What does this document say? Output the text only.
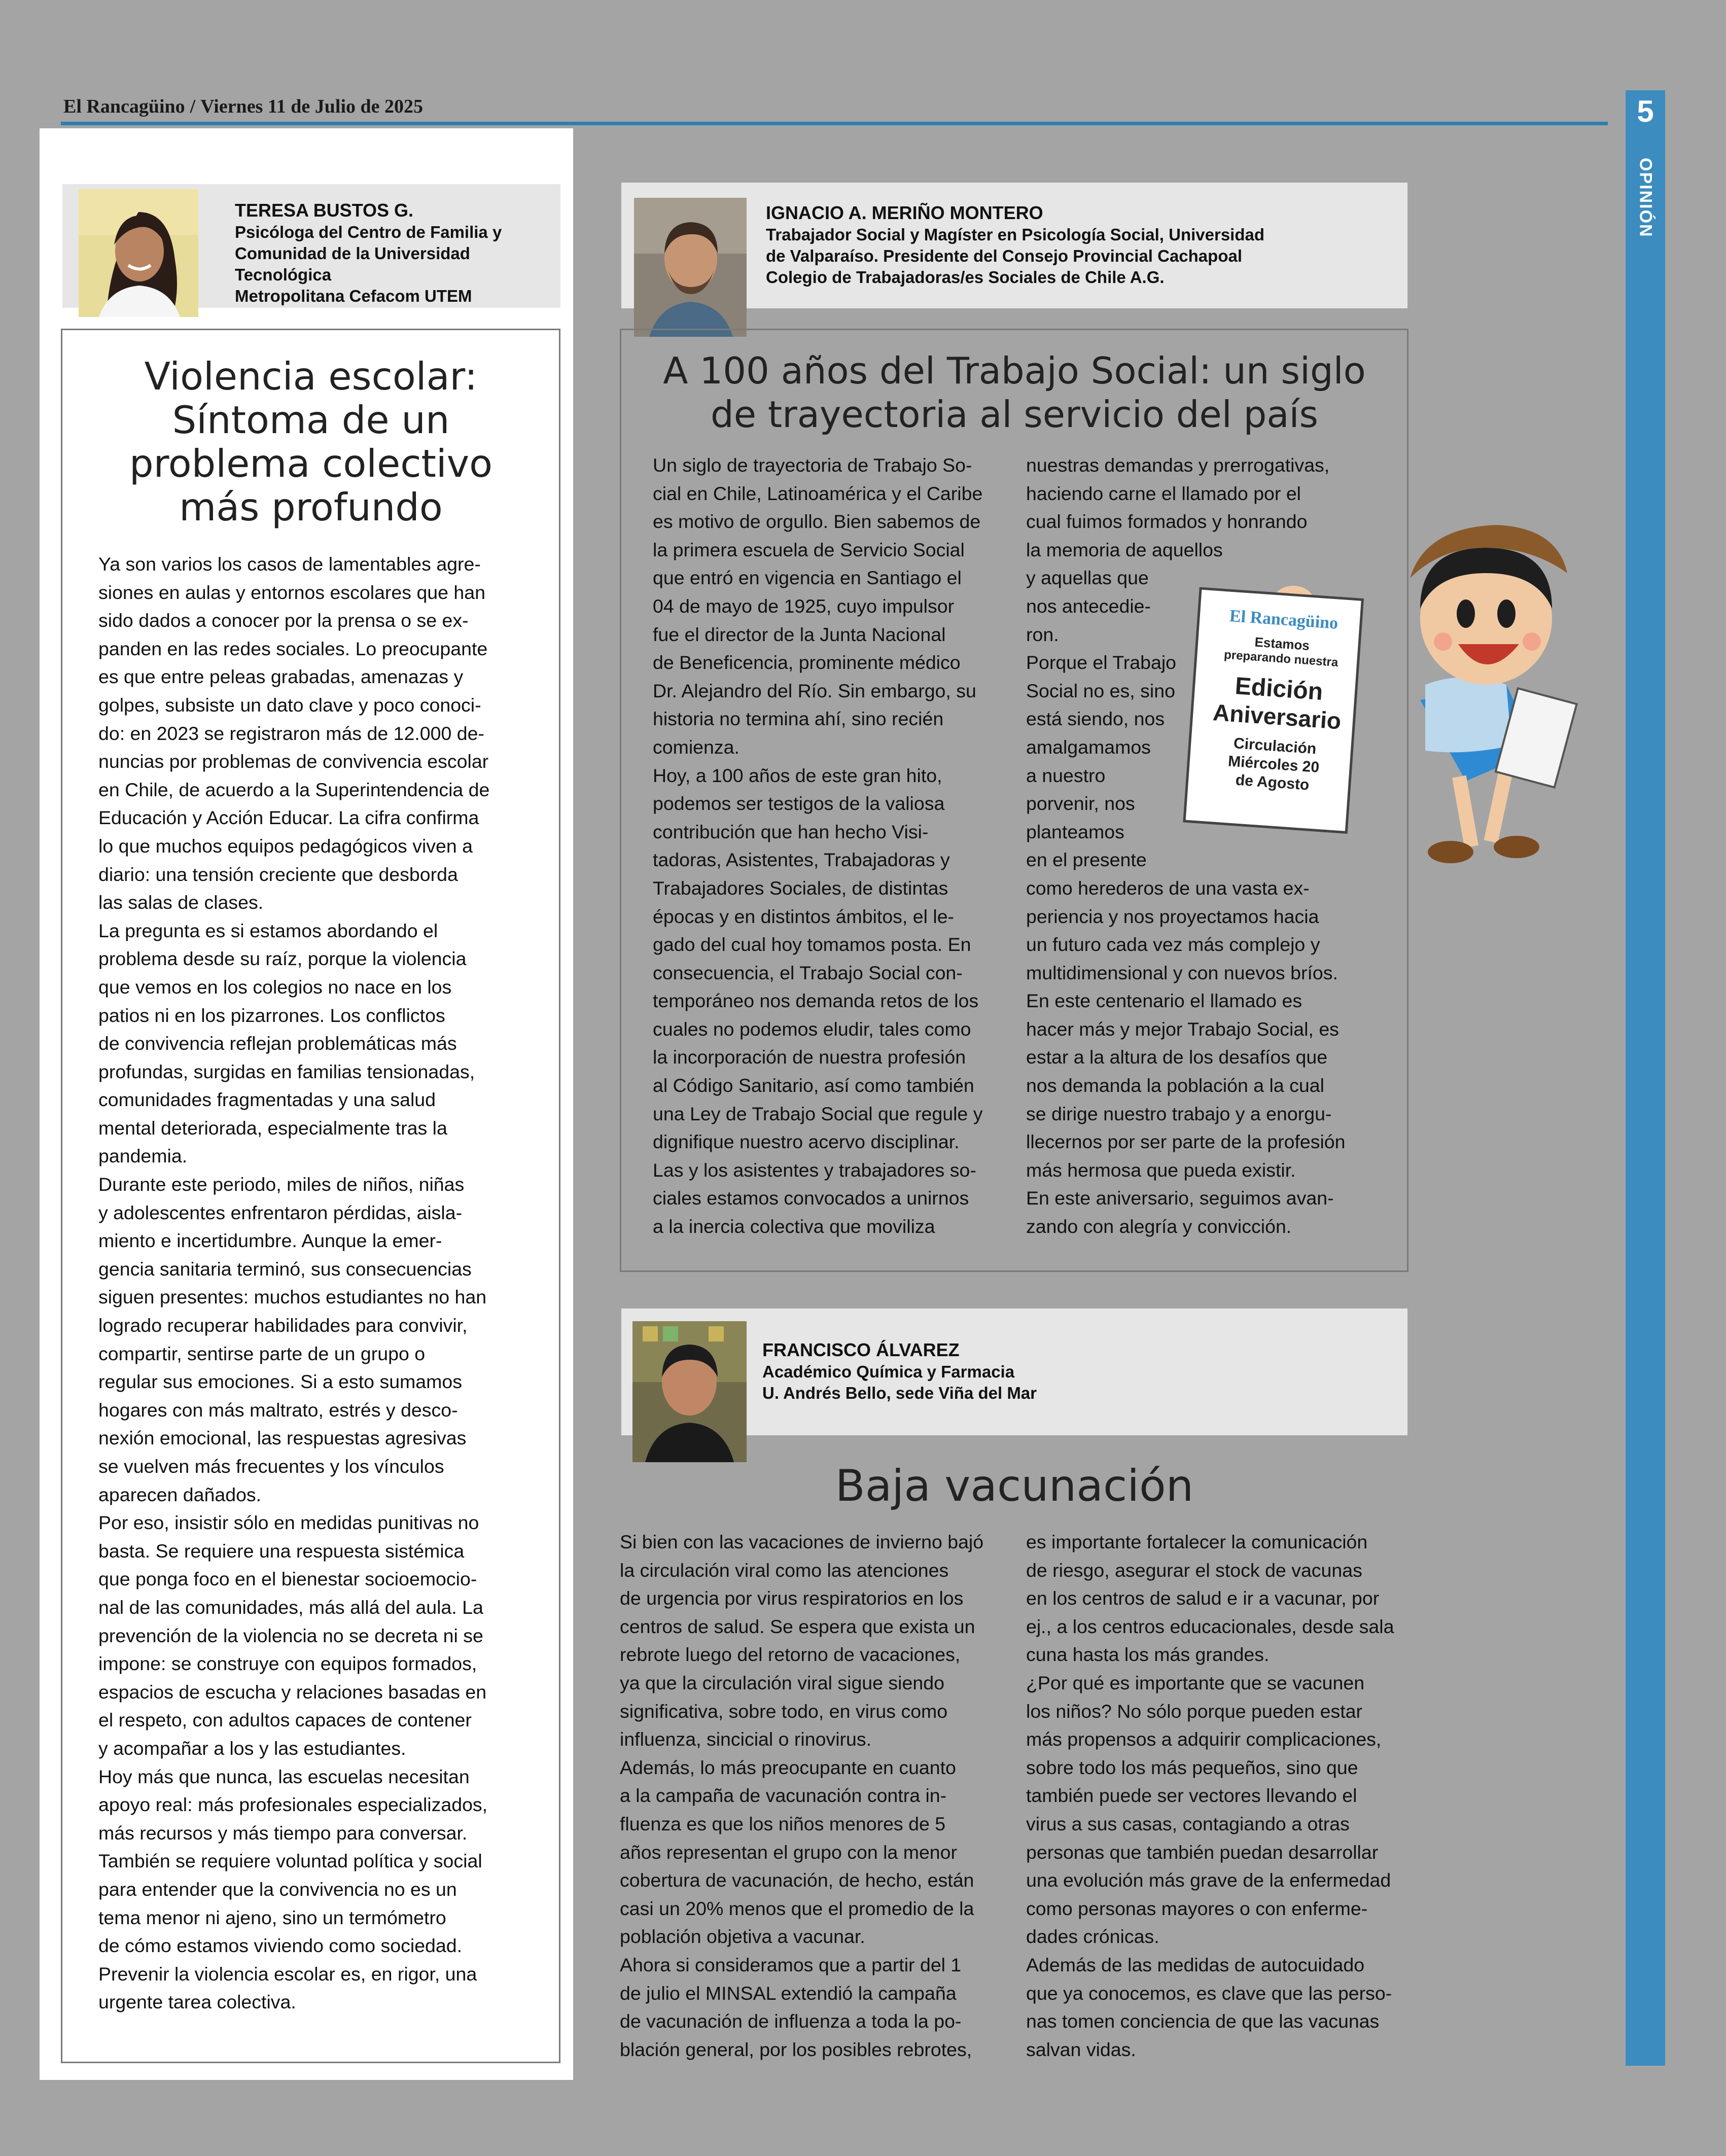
El Rancagüino / Viernes 11 de Julio de 2025	5
OPINIÓN
TERESA BUSTOS G.
Psicóloga del Centro de Familia y
Comunidad de la Universidad Tecnológica
Metropolitana Cefacom UTEM
Violencia escolar:
Síntoma de un
problema colectivo
más profundo
Ya son varios los casos de lamentables agre-
siones en aulas y entornos escolares que han
sido dados a conocer por la prensa o se ex-
panden en las redes sociales. Lo preocupante
es que entre peleas grabadas, amenazas y
golpes, subsiste un dato clave y poco conoci-
do: en 2023 se registraron más de 12.000 de-
nuncias por problemas de convivencia escolar
en Chile, de acuerdo a la Superintendencia de
Educación y Acción Educar. La cifra confirma
lo que muchos equipos pedagógicos viven a
diario: una tensión creciente que desborda
las salas de clases.
La pregunta es si estamos abordando el
problema desde su raíz, porque la violencia
que vemos en los colegios no nace en los
patios ni en los pizarrones. Los conflictos
de convivencia reflejan problemáticas más
profundas, surgidas en familias tensionadas,
comunidades fragmentadas y una salud
mental deteriorada, especialmente tras la
pandemia.
Durante este periodo, miles de niños, niñas
y adolescentes enfrentaron pérdidas, aisla-
miento e incertidumbre. Aunque la emer-
gencia sanitaria terminó, sus consecuencias
siguen presentes: muchos estudiantes no han
logrado recuperar habilidades para convivir,
compartir, sentirse parte de un grupo o
regular sus emociones. Si a esto sumamos
hogares con más maltrato, estrés y desco-
nexión emocional, las respuestas agresivas
se vuelven más frecuentes y los vínculos
aparecen dañados.
Por eso, insistir sólo en medidas punitivas no
basta. Se requiere una respuesta sistémica
que ponga foco en el bienestar socioemocio-
nal de las comunidades, más allá del aula. La
prevención de la violencia no se decreta ni se
impone: se construye con equipos formados,
espacios de escucha y relaciones basadas en
el respeto, con adultos capaces de contener
y acompañar a los y las estudiantes.
Hoy más que nunca, las escuelas necesitan
apoyo real: más profesionales especializados,
más recursos y más tiempo para conversar.
También se requiere voluntad política y social
para entender que la convivencia no es un
tema menor ni ajeno, sino un termómetro
de cómo estamos viviendo como sociedad.
Prevenir la violencia escolar es, en rigor, una
urgente tarea colectiva.
IGNACIO A. MERIÑO MONTERO
Trabajador Social y Magíster en Psicología Social, Universidad
de Valparaíso. Presidente del Consejo Provincial Cachapoal
Colegio de Trabajadoras/es Sociales de Chile A.G.
A 100 años del Trabajo Social: un siglo
de trayectoria al servicio del país
Un siglo de trayectoria de Trabajo So-
cial en Chile, Latinoamérica y el Caribe
es motivo de orgullo. Bien sabemos de
la primera escuela de Servicio Social
que entró en vigencia en Santiago el
04 de mayo de 1925, cuyo impulsor
fue el director de la Junta Nacional
de Beneficencia, prominente médico
Dr. Alejandro del Río. Sin embargo, su
historia no termina ahí, sino recién
comienza.
Hoy, a 100 años de este gran hito,
podemos ser testigos de la valiosa
contribución que han hecho Visi-
tadoras, Asistentes, Trabajadoras y
Trabajadores Sociales, de distintas
épocas y en distintos ámbitos, el le-
gado del cual hoy tomamos posta. En
consecuencia, el Trabajo Social con-
temporáneo nos demanda retos de los
cuales no podemos eludir, tales como
la incorporación de nuestra profesión
al Código Sanitario, así como también
una Ley de Trabajo Social que regule y
dignifique nuestro acervo disciplinar.
Las y los asistentes y trabajadores so-
ciales estamos convocados a unirnos
a la inercia colectiva que moviliza
nuestras demandas y prerrogativas,
haciendo carne el llamado por el
cual fuimos formados y honrando
la memoria de aquellos
y aquellas que
nos antecedie-
ron.
Porque el Trabajo
Social no es, sino
está siendo, nos
amalgamamos
a nuestro
porvenir, nos
planteamos
en el presente
como herederos de una vasta ex-
periencia y nos proyectamos hacia
un futuro cada vez más complejo y
multidimensional y con nuevos bríos.
En este centenario el llamado es
hacer más y mejor Trabajo Social, es
estar a la altura de los desafíos que
nos demanda la población a la cual
se dirige nuestro trabajo y a enorgu-
llecernos por ser parte de la profesión
más hermosa que pueda existir.
En este aniversario, seguimos avan-
zando con alegría y convicción.
El Rancagüino
Estamos
preparando nuestra
Edición
Aniversario
Circulación
Miércoles 20
de Agosto
FRANCISCO ÁLVAREZ
Académico Química y Farmacia
U. Andrés Bello, sede Viña del Mar
Baja vacunación
Si bien con las vacaciones de invierno bajó
la circulación viral como las atenciones
de urgencia por virus respiratorios en los
centros de salud. Se espera que exista un
rebrote luego del retorno de vacaciones,
ya que la circulación viral sigue siendo
significativa, sobre todo, en virus como
influenza, sincicial o rinovirus.
Además, lo más preocupante en cuanto
a la campaña de vacunación contra in-
fluenza es que los niños menores de 5
años representan el grupo con la menor
cobertura de vacunación, de hecho, están
casi un 20% menos que el promedio de la
población objetiva a vacunar.
Ahora si consideramos que a partir del 1
de julio el MINSAL extendió la campaña
de vacunación de influenza a toda la po-
blación general, por los posibles rebrotes,
es importante fortalecer la comunicación
de riesgo, asegurar el stock de vacunas
en los centros de salud e ir a vacunar, por
ej., a los centros educacionales, desde sala
cuna hasta los más grandes.
¿Por qué es importante que se vacunen
los niños? No sólo porque pueden estar
más propensos a adquirir complicaciones,
sobre todo los más pequeños, sino que
también puede ser vectores llevando el
virus a sus casas, contagiando a otras
personas que también puedan desarrollar
una evolución más grave de la enfermedad
como personas mayores o con enferme-
dades crónicas.
Además de las medidas de autocuidado
que ya conocemos, es clave que las perso-
nas tomen conciencia de que las vacunas
salvan vidas.
